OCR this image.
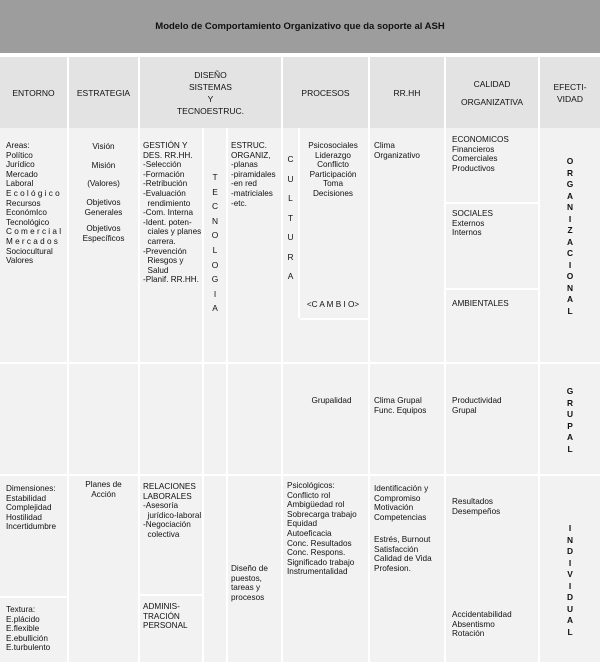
Modelo de Comportamiento Organizativo que da soporte al ASH
ENTORNO	ESTRATEGIA
DISEÑO
SISTEMAS
Y
TECNOESTRUC.
PROCESOS	RR.HH
CALIDAD
ORGANIZATIVA
EFECTI-
VIDAD
Areas:
Político
Jurídico
Mercado
Laboral
E c o l ó g i c o
Recursos
EconómIco
Tecnológico
C o m e r c i a l
M e r c a d o s
Sociocultural
Valores
Dimensiones:
Estabilidad
Complejidad
Hostilidad
Incertidumbre
Textura:
E.plácido
E.flexible
E.ebullición
E.turbulento
Visión
Misión
(Valores)
Objetivos
Generales
Objetivos
Específicos
Planes de
Acción
GESTIÓN Y
DES. RR.HH.
-Selección
-Formación
-Retribución
-Evaluación
rendimiento
-Com. Interna
-Ident. poten-
ciales y planes
carrera.
-Prevención
Riesgos y
Salud
-Planif. RR.HH.
RELACIONES
LABORALES
-Asesoría
jurídico-laboral
-Negociación
colectiva
ADMINIS-
TRACIÓN
PERSONAL
T
E
C
N
O
L
O
G
I
A
ESTRUC.
ORGANIZ,
-planas
-piramidales
-en red
-matriciales
-etc.
Diseño de
puestos,
tareas y
procesos
C
U
L
T
U
R
A
Psicosociales
Liderazgo
Conflicto
Participación
Toma
Decisiones
<C A M B I O>
Grupalidad
Psicológicos:
Conflicto rol
Ambigüedad rol
Sobrecarga trabajo
Equidad
Autoeficacia
Conc. Resultados
Conc. Respons.
Significado trabajo
Instrumentalidad
Clima
Organizativo
Clima Grupal
Func. Equipos
Identificación y
Compromiso
Motivación
Competencias
Estrés, Burnout
Satisfacción
Calidad de Vida
Profesion.
ECONOMICOS
Financieros
Comerciales
Productivos
SOCIALES
Externos
Internos
AMBIENTALES
Productividad
Grupal
Resultados
Desempeños
Accidentabilidad
Absentismo
Rotación
O
R
G
A
N
I
Z
A
C
I
O
N
A
L
G
R
U
P
A
L
I
N
D
I
V
I
D
U
A
L
